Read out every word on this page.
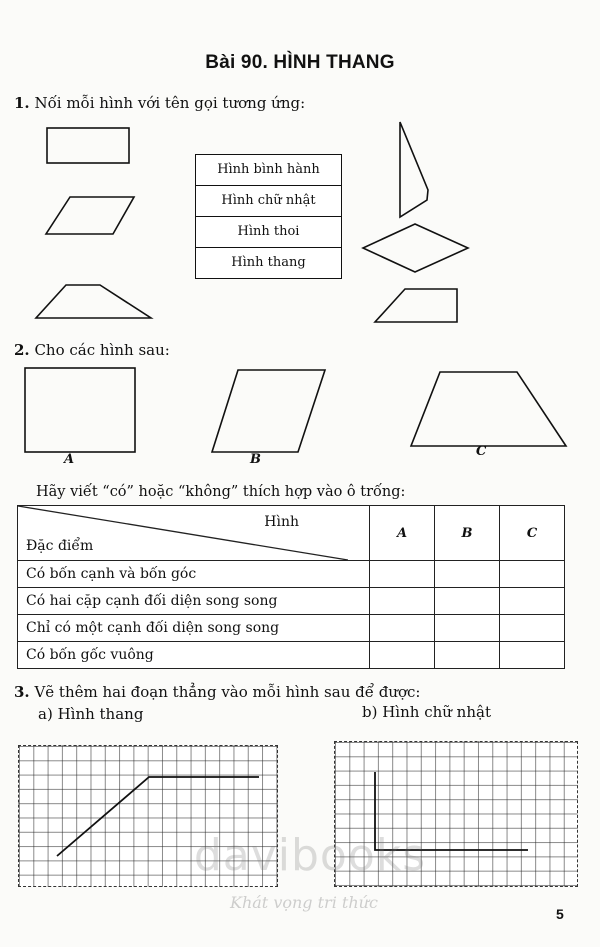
Bài 90. HÌNH THANG
1. Nối mỗi hình với tên gọi tương ứng:
Hình bình hành
Hình chữ nhật
Hình thoi
Hình thang
2. Cho các hình sau:
A	B
C
Hãy viết “có” hoặc “không” thích hợp vào ô trống:
Hình
Đặc điểm	A	B	C
Có bốn cạnh và bốn góc			
Có hai cặp cạnh đối diện song song			
Chỉ có một cạnh đối diện song song			
Có bốn gốc vuông			
3. Vẽ thêm hai đoạn thẳng vào mỗi hình sau để được:
a) Hình thang	b) Hình chữ nhật
davibooks
Khát vọng tri thức
5
